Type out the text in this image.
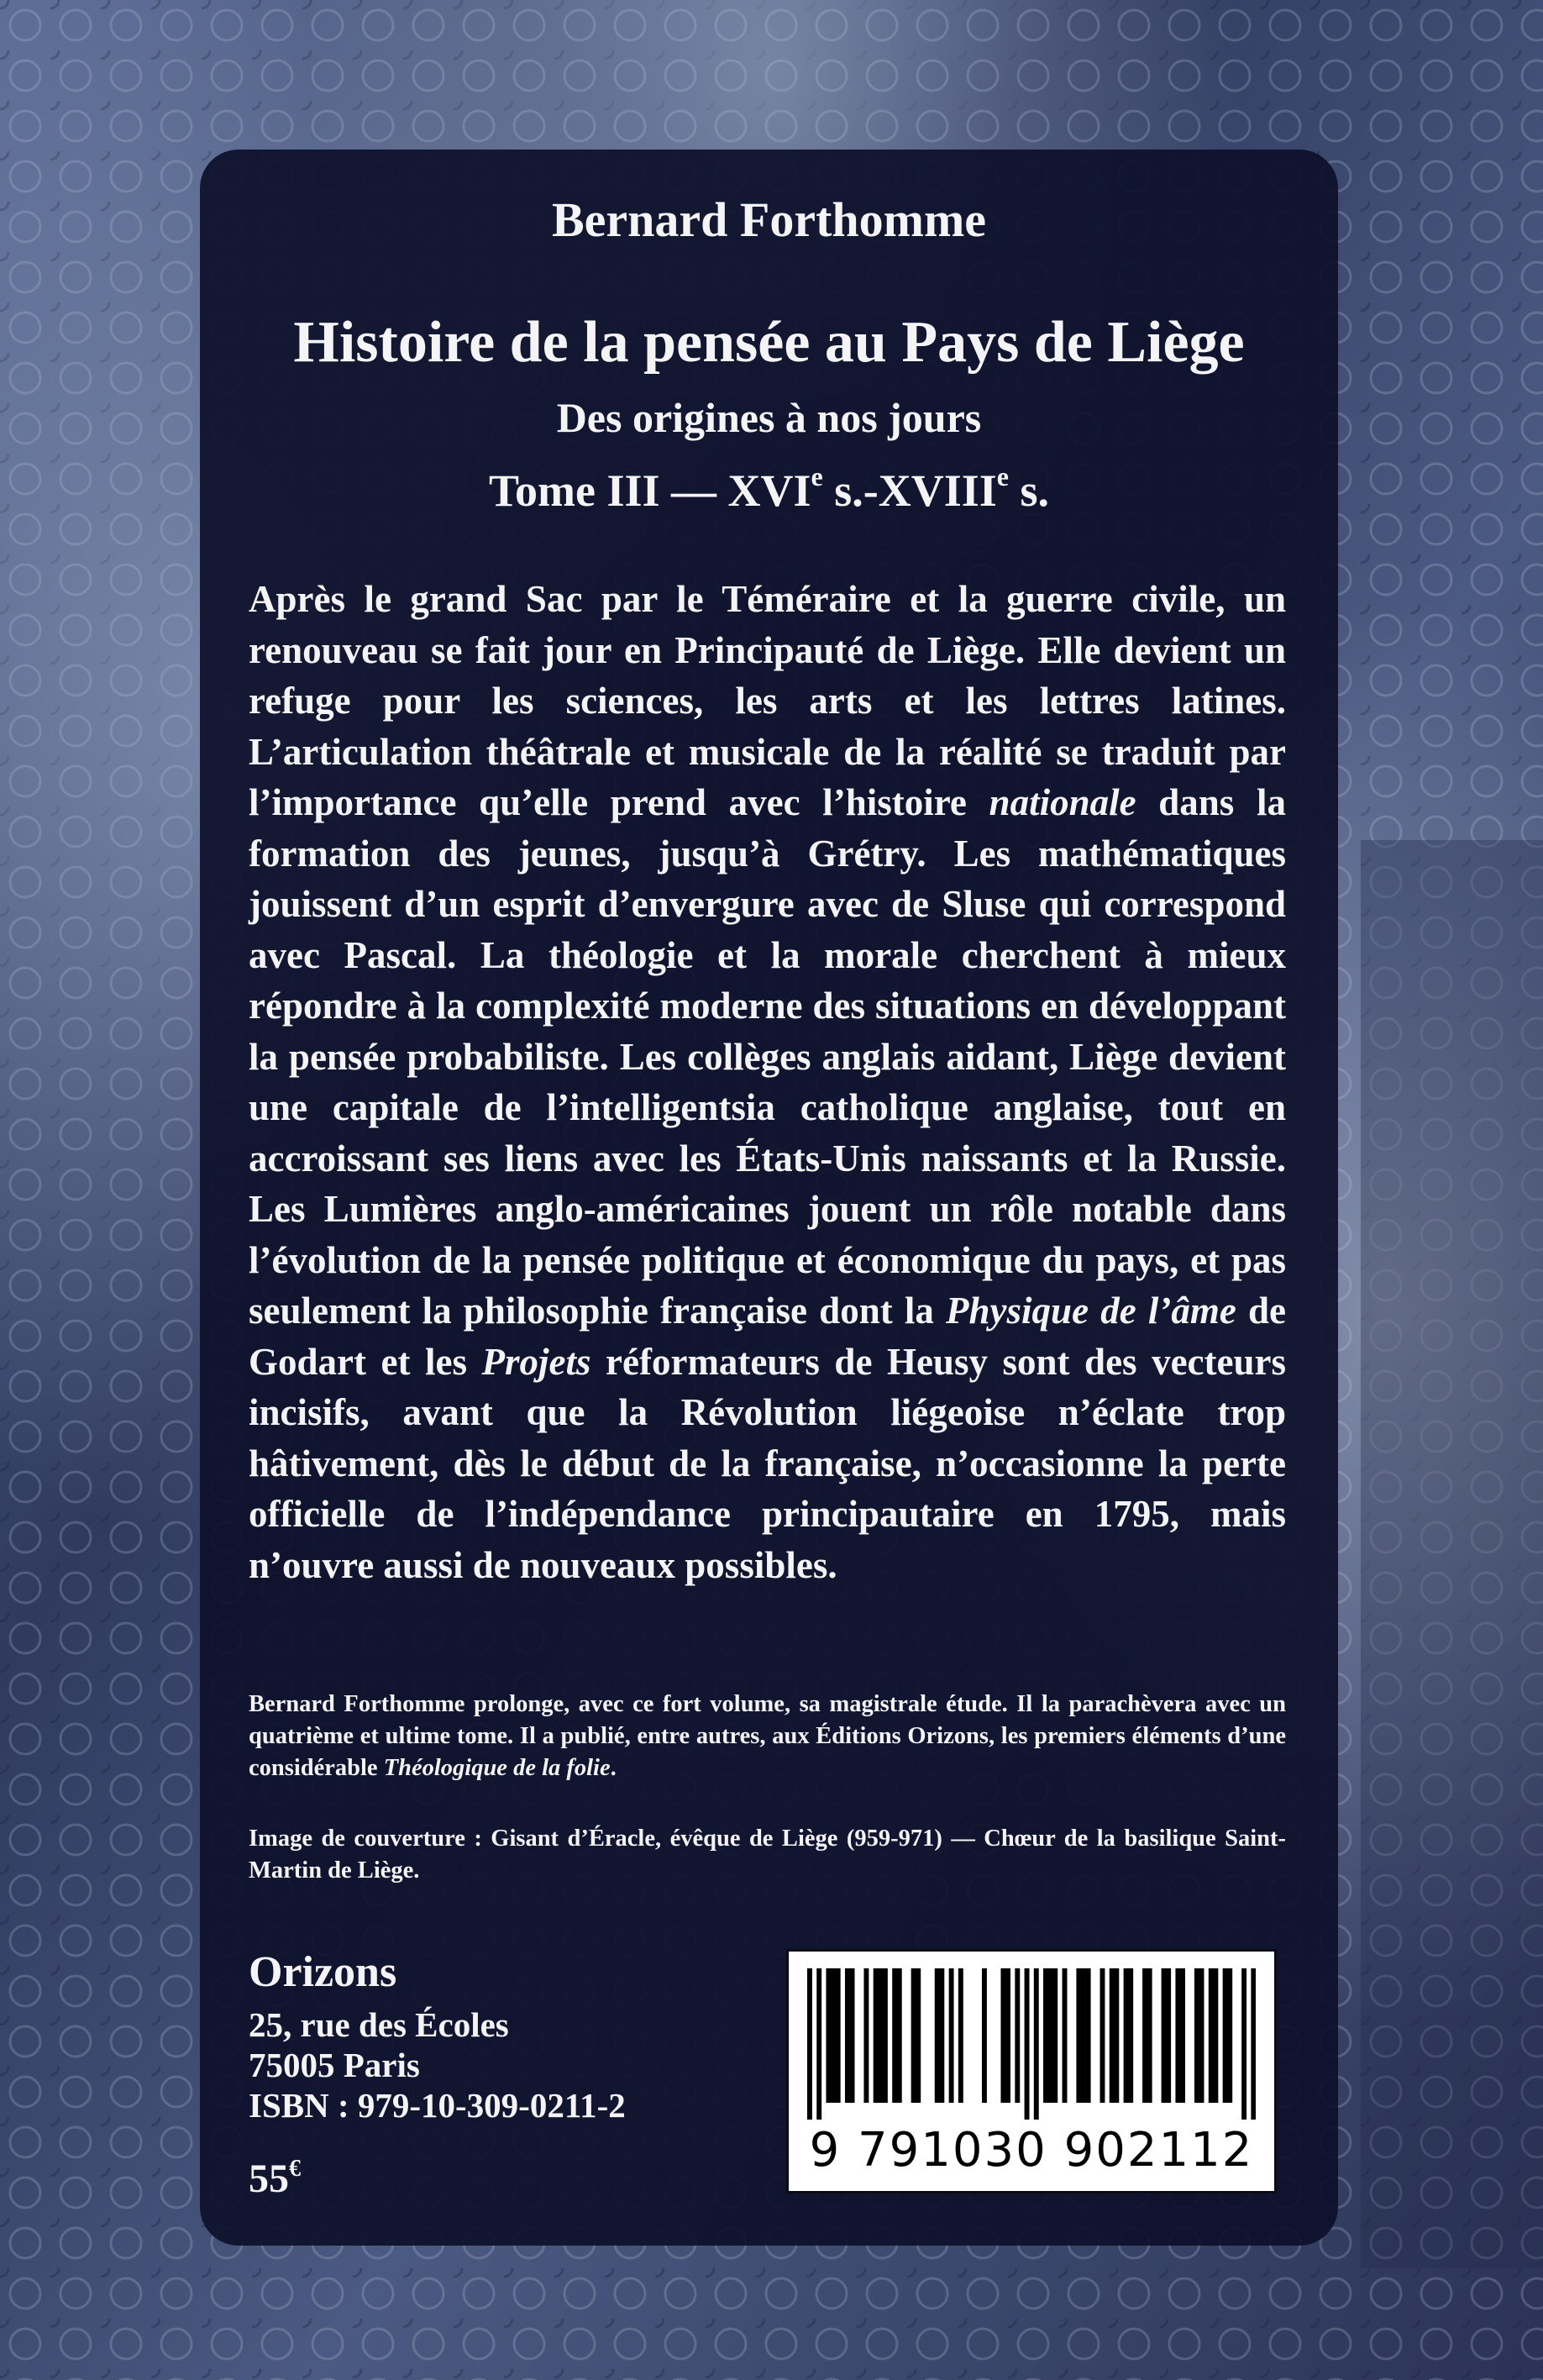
Bernard Forthomme

Histoire de la pensée au Pays de Liège

Des origines à nos jours

Tome III — XVIe s.-XVIIIe s.

Après le grand Sac par le Téméraire et la guerre civile, un renouveau se fait jour en Principauté de Liège. Elle devient un refuge pour les sciences, les arts et les lettres latines. L’articulation théâtrale et musicale de la réalité se traduit par l’importance qu’elle prend avec l’histoire nationale dans la formation des jeunes, jusqu’à Grétry. Les mathématiques jouissent d’un esprit d’envergure avec de Sluse qui correspond avec Pascal. La théologie et la morale cherchent à mieux répondre à la complexité moderne des situations en développant la pensée probabiliste. Les collèges anglais aidant, Liège devient une capitale de l’intelligentsia catholique anglaise, tout en accroissant ses liens avec les États-Unis naissants et la Russie. Les Lumières anglo-américaines jouent un rôle notable dans l’évolution de la pensée politique et économique du pays, et pas seulement la philosophie française dont la Physique de l’âme de Godart et les Projets réformateurs de Heusy sont des vecteurs incisifs, avant que la Révolution liégeoise n’éclate trop hâtivement, dès le début de la française, n’occasionne la perte officielle de l’indépendance principautaire en 1795, mais n’ouvre aussi de nouveaux possibles.

Bernard Forthomme prolonge, avec ce fort volume, sa magistrale étude. Il la parachèvera avec un quatrième et ultime tome. Il a publié, entre autres, aux Éditions Orizons, les premiers éléments d’une considérable Théologique de la folie.

Image de couverture : Gisant d’Éracle, évêque de Liège (959-971) — Chœur de la basilique Saint-Martin de Liège.

Orizons
25, rue des Écoles
75005 Paris
ISBN : 979-10-309-0211-2
55€	9 791030 902112
